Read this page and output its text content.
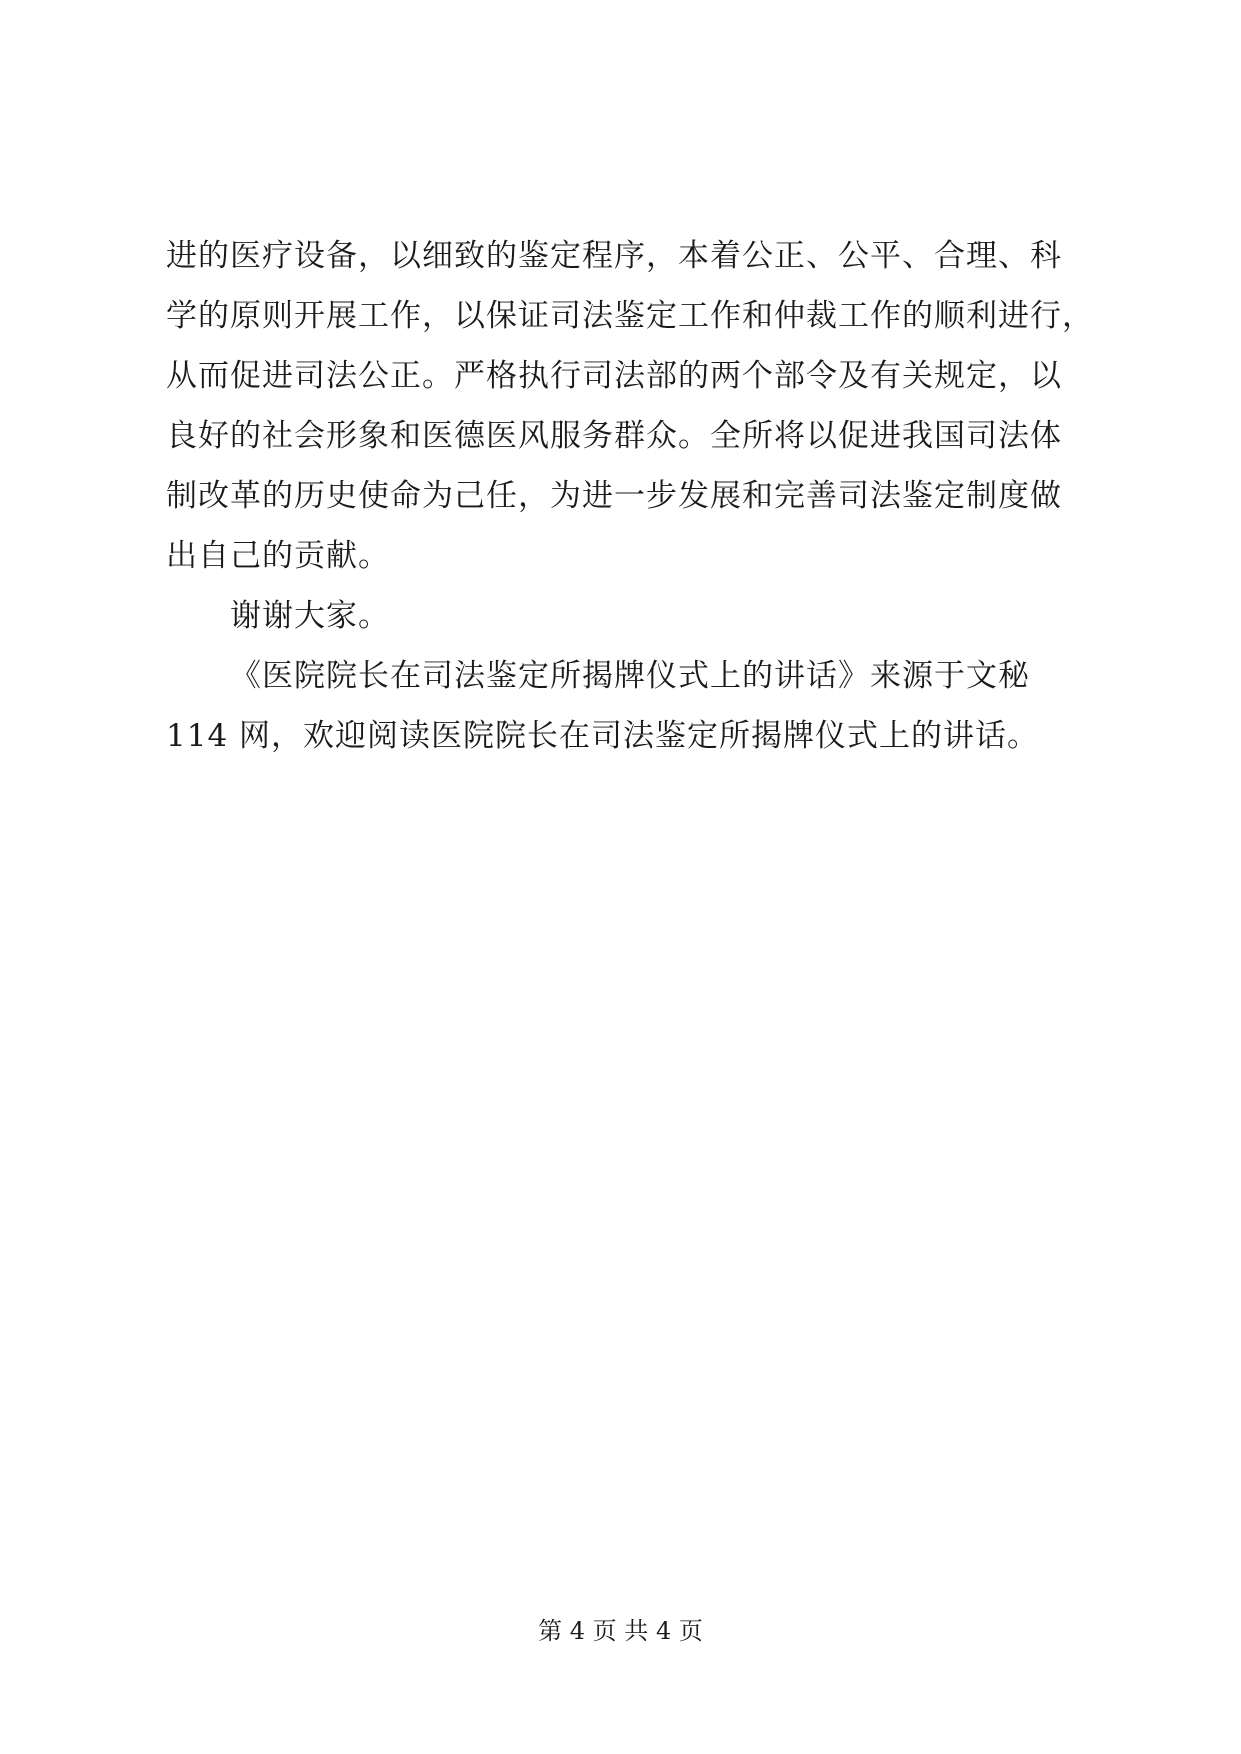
进的医疗设备，以细致的鉴定程序，本着公正、公平、合理、科
学的原则开展工作，以保证司法鉴定工作和仲裁工作的顺利进行，
从而促进司法公正。严格执行司法部的两个部令及有关规定，以
良好的社会形象和医德医风服务群众。全所将以促进我国司法体
制改革的历史使命为己任，为进一步发展和完善司法鉴定制度做
出自己的贡献。
谢谢大家。
《医院院长在司法鉴定所揭牌仪式上的讲话》来源于文秘
114 网，欢迎阅读医院院长在司法鉴定所揭牌仪式上的讲话。
第 4 页 共 4 页
